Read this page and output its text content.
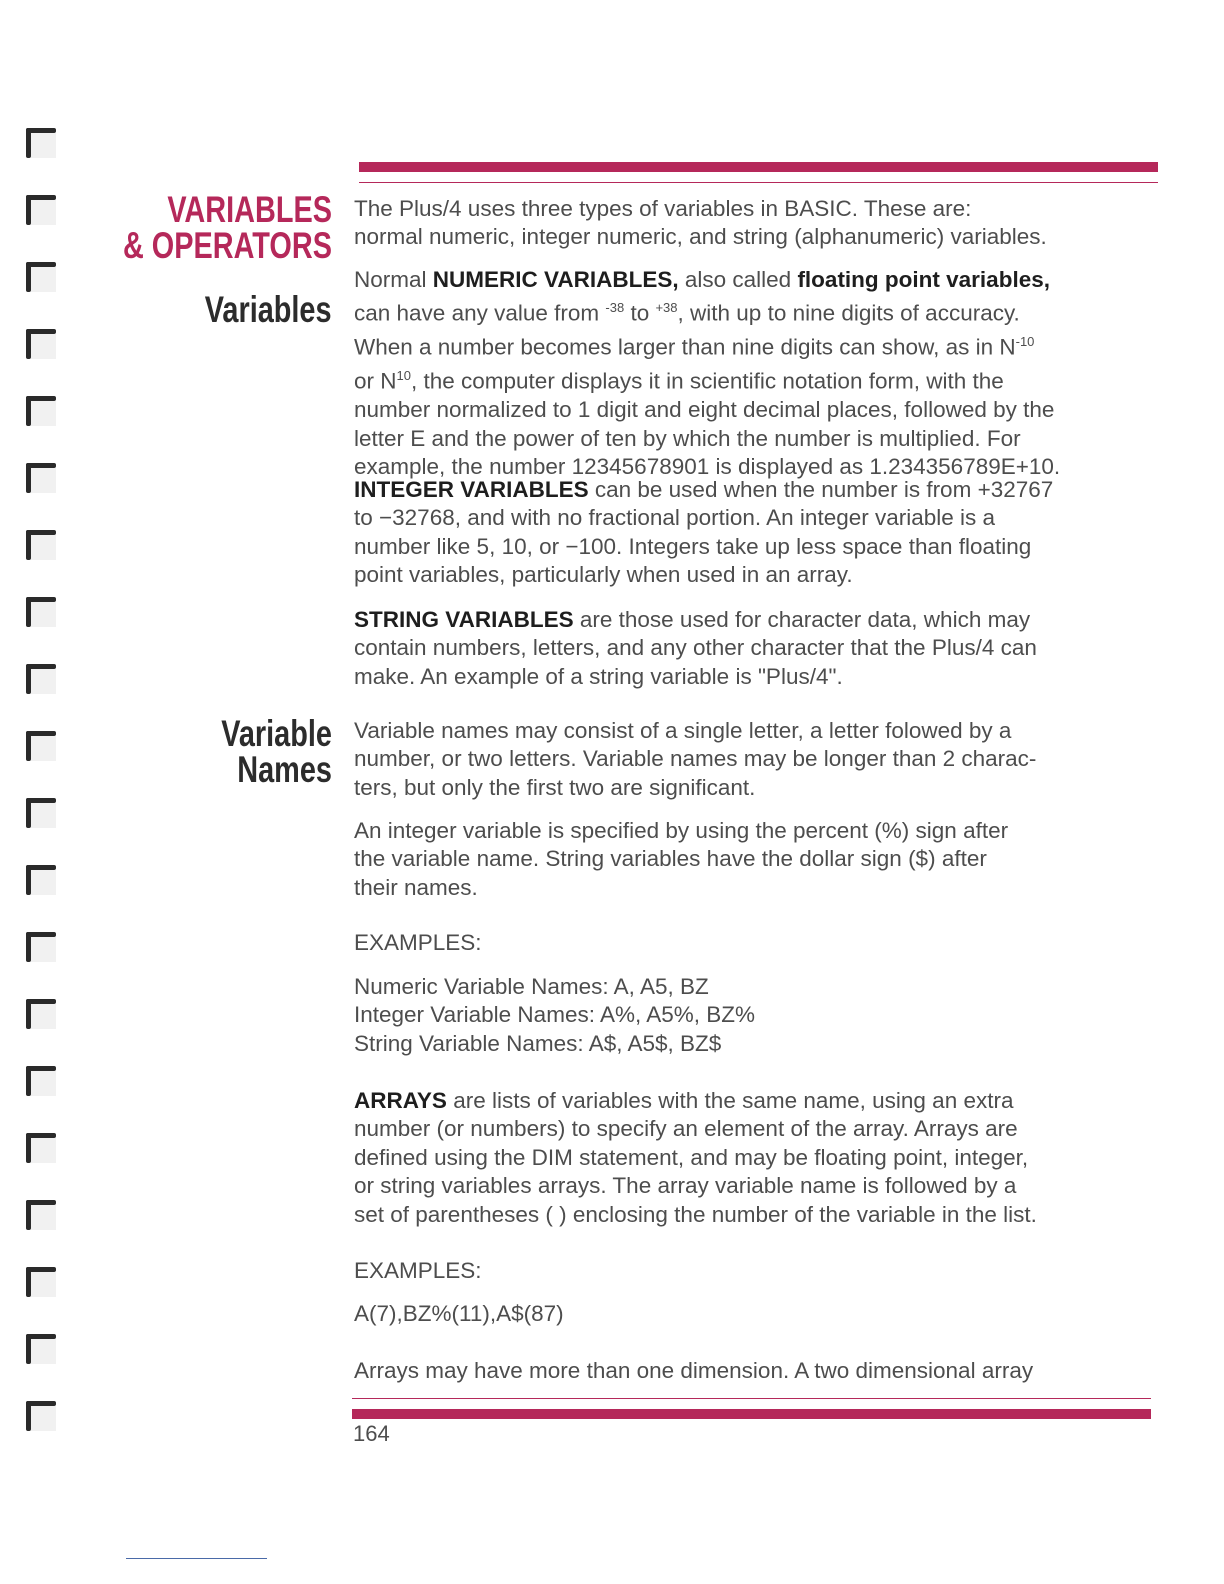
VARIABLES
& OPERATORS
Variables
Variable
Names

The Plus/4 uses three types of variables in BASIC. These are:

normal numeric, integer numeric, and string (alphanumeric) variables.

Normal NUMERIC VARIABLES, also called floating point variables,

can have any value from $^{-38}$ to $^{+38}$, with up to nine digits of accuracy.

When a number becomes larger than nine digits can show, as in $N^{-10}$

or $N^{10}$, the computer displays it in scientific notation form, with the

number normalized to 1 digit and eight decimal places, followed by the

letter E and the power of ten by which the number is multiplied. For

example, the number 12345678901 is displayed as 1.234356789E+10.

INTEGER VARIABLES can be used when the number is from +32767

to −32768, and with no fractional portion. An integer variable is a

number like 5, 10, or −100. Integers take up less space than floating

point variables, particularly when used in an array.

STRING VARIABLES are those used for character data, which may

contain numbers, letters, and any other character that the Plus/4 can

make. An example of a string variable is "Plus/4".

Variable names may consist of a single letter, a letter folowed by a

number, or two letters. Variable names may be longer than 2 charac-

ters, but only the first two are significant.

An integer variable is specified by using the percent (%) sign after

the variable name. String variables have the dollar sign ($) after

their names.

EXAMPLES:

Numeric Variable Names: A, A5, BZ

Integer Variable Names: A%, A5%, BZ%

String Variable Names: A$, A5$, BZ$

ARRAYS are lists of variables with the same name, using an extra

number (or numbers) to specify an element of the array. Arrays are

defined using the DIM statement, and may be floating point, integer,

or string variables arrays. The array variable name is followed by a

set of parentheses ( ) enclosing the number of the variable in the list.

EXAMPLES:

A(7),BZ%(11),A$(87)

Arrays may have more than one dimension. A two dimensional array

164
